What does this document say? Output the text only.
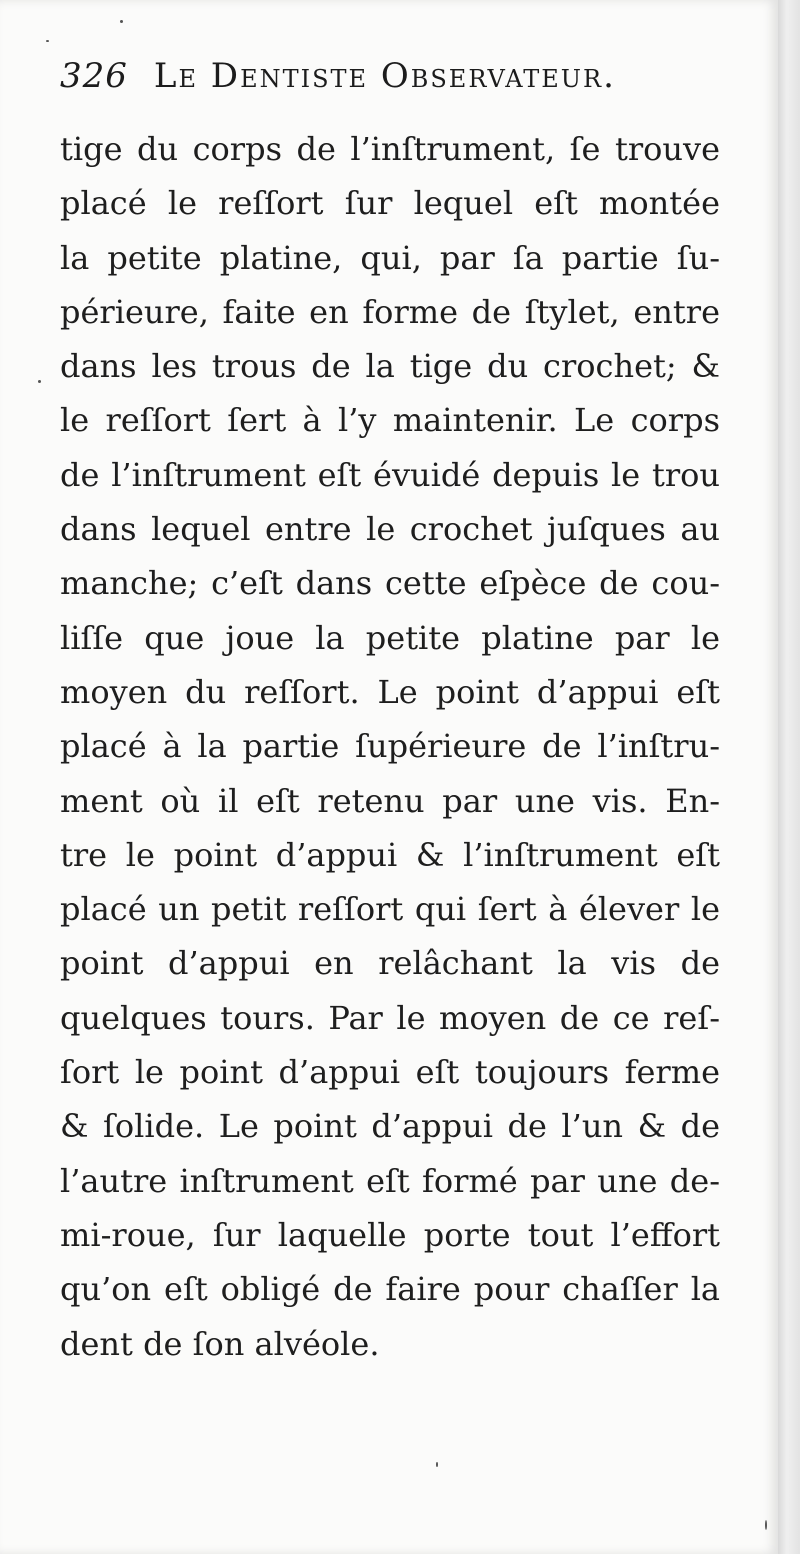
326 Le Dentiste Observateur.
tige du corps de l’inſtrument, ſe trouve
placé le reſſort ſur lequel eſt montée
la petite platine, qui, par ſa partie ſu-
périeure, faite en forme de ſtylet, entre
dans les trous de la tige du crochet; &
le reſſort ſert à l’y maintenir. Le corps
de l’inſtrument eſt évuidé depuis le trou
dans lequel entre le crochet juſques au
manche; c’eſt dans cette eſpèce de cou-
liſſe que joue la petite platine par le
moyen du reſſort. Le point d’appui eſt
placé à la partie ſupérieure de l’inſtru-
ment où il eſt retenu par une vis. En-
tre le point d’appui & l’inſtrument eſt
placé un petit reſſort qui ſert à élever le
point d’appui en relâchant la vis de
quelques tours. Par le moyen de ce reſ-
ſort le point d’appui eſt toujours ferme
& ſolide. Le point d’appui de l’un & de
l’autre inſtrument eſt formé par une de-
mi-roue, ſur laquelle porte tout l’effort
qu’on eſt obligé de faire pour chaſſer la
dent de ſon alvéole.
